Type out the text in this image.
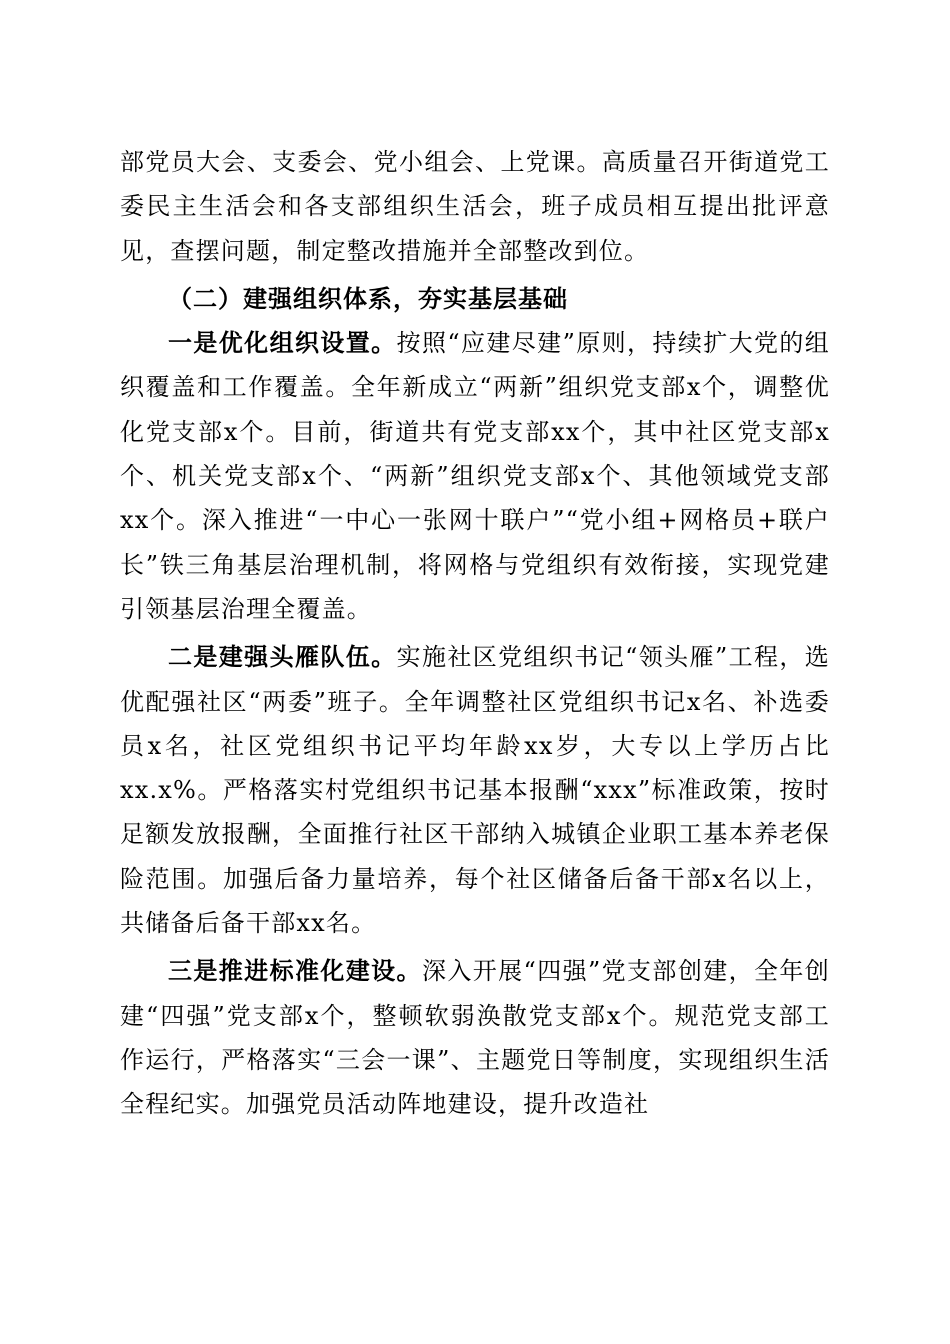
部党员大会、支委会、党小组会、上党课。高质量召开街道党工委民主生活会和各支部组织生活会，班子成员相互提出批评意见，查摆问题，制定整改措施并全部整改到位。

（二）建强组织体系，夯实基层基础

一是优化组织设置。按照“应建尽建”原则，持续扩大党的组织覆盖和工作覆盖。全年新成立“两新”组织党支部x个，调整优化党支部x个。目前，街道共有党支部xx个，其中社区党支部x个、机关党支部x个、“两新”组织党支部x个、其他领域党支部xx个。深入推进“一中心一张网十联户”“党小组+网格员+联户长”铁三角基层治理机制，将网格与党组织有效衔接，实现党建引领基层治理全覆盖。

二是建强头雁队伍。实施社区党组织书记“领头雁”工程，选优配强社区“两委”班子。全年调整社区党组织书记x名、补选委员x名，社区党组织书记平均年龄xx岁，大专以上学历占比xx.x%。严格落实村党组织书记基本报酬“xxx”标准政策，按时足额发放报酬，全面推行社区干部纳入城镇企业职工基本养老保险范围。加强后备力量培养，每个社区储备后备干部x名以上，共储备后备干部xx名。

三是推进标准化建设。深入开展“四强”党支部创建，全年创建“四强”党支部x个，整顿软弱涣散党支部x个。规范党支部工作运行，严格落实“三会一课”、主题党日等制度，实现组织生活全程纪实。加强党员活动阵地建设，提升改造社
